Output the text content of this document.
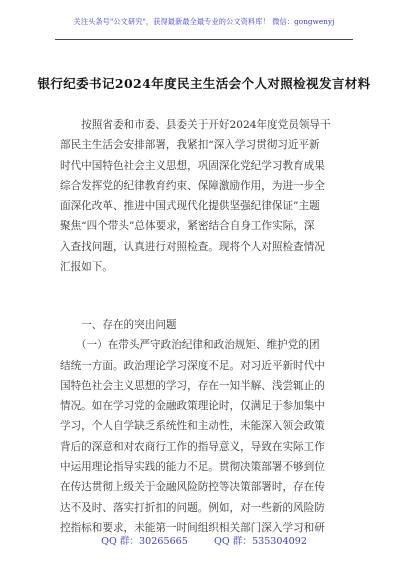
关注头条号"公文研究"，获得最新最全最专业的公文资料库！ 微信：gongwenyj
银行纪委书记2024年度民主生活会个人对照检视发言材料
　　按照省委和市委、县委关于开好2024年度党员领导干
部民主生活会安排部署，我紧扣“深入学习贯彻习近平新
时代中国特色社会主义思想，巩固深化党纪学习教育成果
综合发挥党的纪律教育约束、保障激励作用，为进一步全
面深化改革、推进中国式现代化提供坚强纪律保证”主题
聚焦“四个带头”总体要求，紧密结合自身工作实际，深
入查找问题，认真进行对照检查。现将个人对照检查情况
汇报如下。
　　一、存在的突出问题
　　（一）在带头严守政治纪律和政治规矩、维护党的团
结统一方面。政治理论学习深度不足。对习近平新时代中
国特色社会主义思想的学习，存在一知半解、浅尝辄止的
情况。如在学习党的金融政策理论时，仅满足于参加集中
学习，个人自学缺乏系统性和主动性，未能深入领会政策
背后的深意和对农商行工作的指导意义，导致在实际工作
中运用理论指导实践的能力不足。贯彻决策部署不够到位
在传达贯彻上级关于金融风险防控等决策部署时，存在传
达不及时、落实打折扣的问题。例如，对一些新的风险防
控指标和要求，未能第一时间组织相关部门深入学习和研
QQ 群：30265665	QQ 群：535304092
